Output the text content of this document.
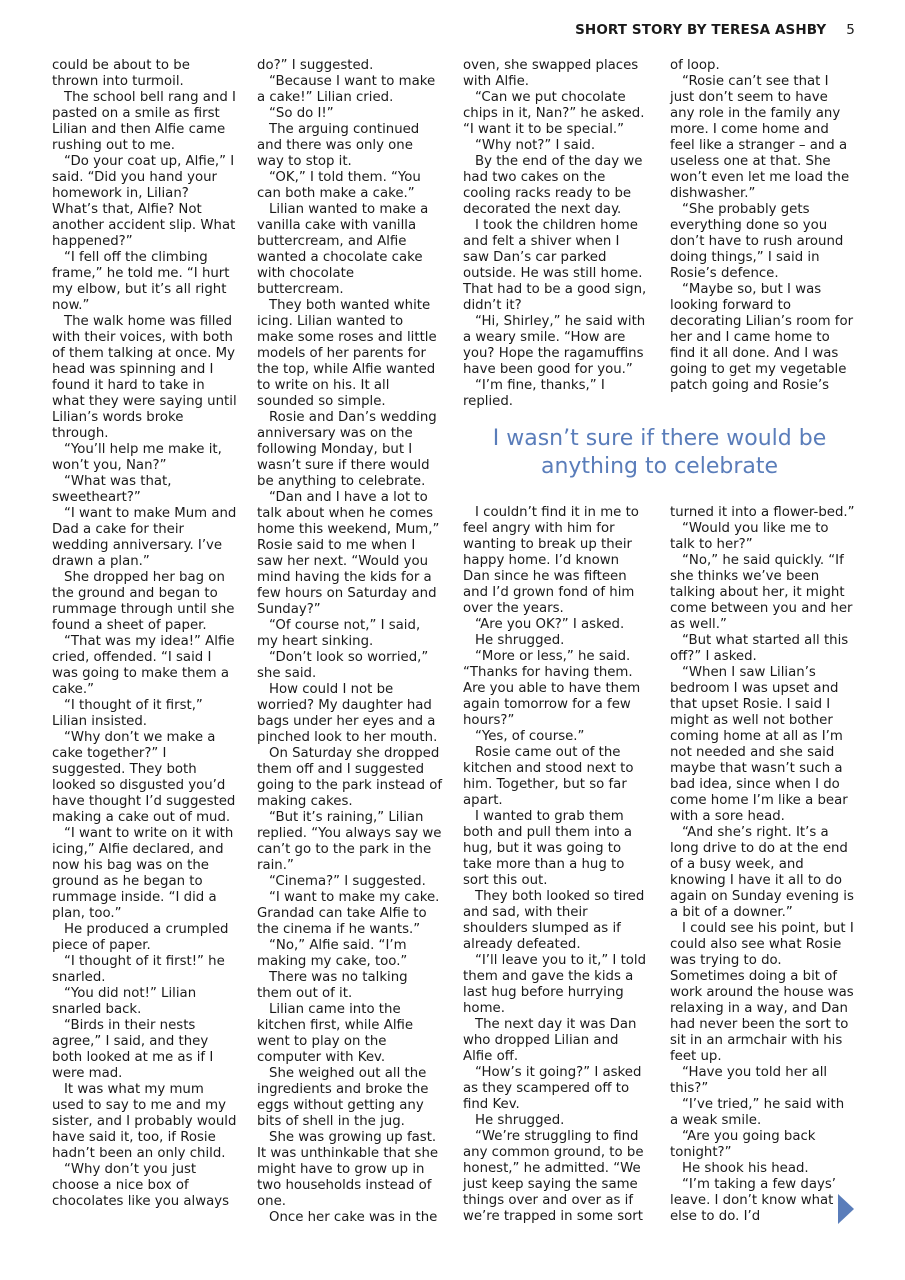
SHORT STORY BY TERESA ASHBY 5

could be about to be thrown into turmoil.

The school bell rang and I pasted on a smile as first Lilian and then Alfie came rushing out to me.

“Do your coat up, Alfie,” I said. “Did you hand your homework in, Lilian? What’s that, Alfie? Not another accident slip. What happened?”

“I fell off the climbing frame,” he told me. “I hurt my elbow, but it’s all right now.”

The walk home was filled with their voices, with both of them talking at once. My head was spinning and I found it hard to take in what they were saying until Lilian’s words broke through.

“You’ll help me make it, won’t you, Nan?”

“What was that, sweetheart?”

“I want to make Mum and Dad a cake for their wedding anniversary. I’ve drawn a plan.”

She dropped her bag on the ground and began to rummage through until she found a sheet of paper.

“That was my idea!” Alfie cried, offended. “I said I was going to make them a cake.”

“I thought of it first,” Lilian insisted.

“Why don’t we make a cake together?” I suggested. They both looked so disgusted you’d have thought I’d suggested making a cake out of mud.

“I want to write on it with icing,” Alfie declared, and now his bag was on the ground as he began to rummage inside. “I did a plan, too.”

He produced a crumpled piece of paper.

“I thought of it first!” he snarled.

“You did not!” Lilian snarled back.

“Birds in their nests agree,” I said, and they both looked at me as if I were mad.

It was what my mum used to say to me and my sister, and I probably would have said it, too, if Rosie hadn’t been an only child.

“Why don’t you just choose a nice box of chocolates like you always

do?” I suggested.

“Because I want to make a cake!” Lilian cried.

“So do I!”

The arguing continued and there was only one way to stop it.

“OK,” I told them. “You can both make a cake.”

Lilian wanted to make a vanilla cake with vanilla buttercream, and Alfie wanted a chocolate cake with chocolate buttercream.

They both wanted white icing. Lilian wanted to make some roses and little models of her parents for the top, while Alfie wanted to write on his. It all sounded so simple.

Rosie and Dan’s wedding anniversary was on the following Monday, but I wasn’t sure if there would be anything to celebrate.

“Dan and I have a lot to talk about when he comes home this weekend, Mum,” Rosie said to me when I saw her next. “Would you mind having the kids for a few hours on Saturday and Sunday?”

“Of course not,” I said, my heart sinking.

“Don’t look so worried,” she said.

How could I not be worried? My daughter had bags under her eyes and a pinched look to her mouth.

On Saturday she dropped them off and I suggested going to the park instead of making cakes.

“But it’s raining,” Lilian replied. “You always say we can’t go to the park in the rain.”

“Cinema?” I suggested.

“I want to make my cake. Grandad can take Alfie to the cinema if he wants.”

“No,” Alfie said. “I’m making my cake, too.”

There was no talking them out of it.

Lilian came into the kitchen first, while Alfie went to play on the computer with Kev.

She weighed out all the ingredients and broke the eggs without getting any bits of shell in the jug.

She was growing up fast. It was unthinkable that she might have to grow up in two households instead of one.

Once her cake was in the

oven, she swapped places with Alfie.

“Can we put chocolate chips in it, Nan?” he asked. “I want it to be special.”

“Why not?” I said.

By the end of the day we had two cakes on the cooling racks ready to be decorated the next day.

I took the children home and felt a shiver when I saw Dan’s car parked outside. He was still home. That had to be a good sign, didn’t it?

“Hi, Shirley,” he said with a weary smile. “How are you? Hope the ragamuffins have been good for you.”

“I’m fine, thanks,” I replied.

of loop.

“Rosie can’t see that I just don’t seem to have any role in the family any more. I come home and feel like a stranger – and a useless one at that. She won’t even let me load the dishwasher.”

“She probably gets everything done so you don’t have to rush around doing things,” I said in Rosie’s defence.

“Maybe so, but I was looking forward to decorating Lilian’s room for her and I came home to find it all done. And I was going to get my vegetable patch going and Rosie’s

I wasn’t sure if there would be anything to celebrate

I couldn’t find it in me to feel angry with him for wanting to break up their happy home. I’d known Dan since he was fifteen and I’d grown fond of him over the years.

“Are you OK?” I asked.

He shrugged.

“More or less,” he said. “Thanks for having them. Are you able to have them again tomorrow for a few hours?”

“Yes, of course.”

Rosie came out of the kitchen and stood next to him. Together, but so far apart.

I wanted to grab them both and pull them into a hug, but it was going to take more than a hug to sort this out.

They both looked so tired and sad, with their shoulders slumped as if already defeated.

“I’ll leave you to it,” I told them and gave the kids a last hug before hurrying home.

The next day it was Dan who dropped Lilian and Alfie off.

“How’s it going?” I asked as they scampered off to find Kev.

He shrugged.

“We’re struggling to find any common ground, to be honest,” he admitted. “We just keep saying the same things over and over as if we’re trapped in some sort

turned it into a flower-bed.”

“Would you like me to talk to her?”

“No,” he said quickly. “If she thinks we’ve been talking about her, it might come between you and her as well.”

“But what started all this off?” I asked.

“When I saw Lilian’s bedroom I was upset and that upset Rosie. I said I might as well not bother coming home at all as I’m not needed and she said maybe that wasn’t such a bad idea, since when I do come home I’m like a bear with a sore head.

“And she’s right. It’s a long drive to do at the end of a busy week, and knowing I have it all to do again on Sunday evening is a bit of a downer.”

I could see his point, but I could also see what Rosie was trying to do. Sometimes doing a bit of work around the house was relaxing in a way, and Dan had never been the sort to sit in an armchair with his feet up.

“Have you told her all this?”

“I’ve tried,” he said with a weak smile.

“Are you going back tonight?”

He shook his head.

“I’m taking a few days’ leave. I don’t know what else to do. I’d
